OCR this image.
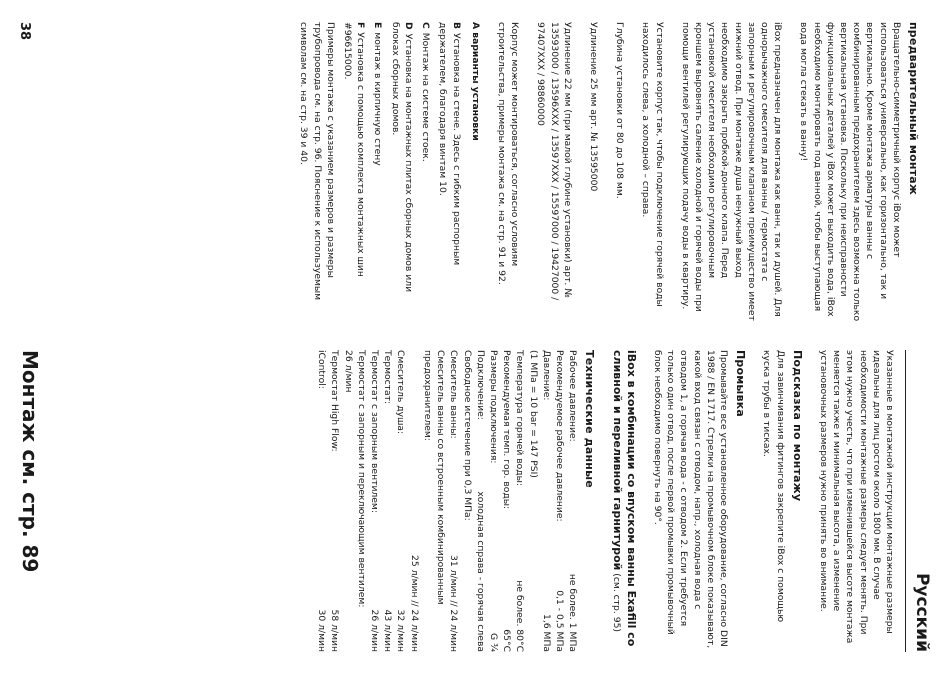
Русский
предварительный монтаж

Вращательно-симметричный корпус iBox может использоваться универсально, как горизонтально, так и вертикально. Кроме монтажа арматуры ванны с комбинированным предохранителем здесь возможна только вертикальная установка. Поскольку при неисправности функциональных деталей у iBox может выходить вода, iBox необходимо монтировать под ванной, чтобы выступающая вода могла стекать в ванну!

iBox предназначен для монтажа как ванн, так и душей. Для однорычажного смесителя для ванны / термостата с запорным и регулировочным клапаном преимущество имеет нижний отвод. При монтаже душа ненужный выход необходимо закрыть пробкой-донного клапа. Перед установкой смесителя необходимо регулировочным кроншем выровнять саление холодной и горячей воды при помощи вентилей регулирующих подачу воды в квартиру.

Установите корпус так, чтобы подключение горячей воды находилось слева, а холодной – справа.

Глубина установки от 80 до 108 мм.

Удлинение 25 мм арт. № 13595000

Удлинение 22 мм (при малой глубине установки) арт. № 13593000 / 13596XXX / 13597XXX / 15597000 / 19427000 / 97407XXX / 98860000

Корпус может монтироваться, согласно условиям строительства, примеры монтажа см. на стр. 91 и 92.

А варианты установки
BУстановка на стене. Здесь с гибким распорным держателем, благодаря винтам 10.
CМонтаж на системе стоек.
DУстановка на монтажных плитах сборных домов или блоках сборных домов.
Eмонтаж в кирпичную стену
FУстановка с помощью комплекта монтажных шин #96615000.

Примеры монтажа с указанием размеров и размеры трубопровода см. на стр. 96. Пояснение к используемым символам см. на стр. 39 и 40.

Указанные в монтажной инструкции монтажные размеры идеальны для лиц ростом около 1800 мм. В случае необходимости монтажные размеры следует менять. При этом нужно учесть, что при изменившейся высоте монтажа меняется также и минимальная высота, а изменение установочных размеров нужно принять во внимание.

Подсказка по монтажу

Для завинчивания фитингов закрепите iBox с помощью куска трубы в тисках.

Промывка

Промывайте все установленное оборудование, согласно DIN 1988 / EN 1717. Стрелки на промывочном блоке показывают, какой вход связан с отводом, напр., холодная вода с отводом 1, а горячая вода - с отводом 2. Если требуется только один отвод, после первой промывки промывочный блок необходимо повернуть на 90°.

iBox в комбинации со впуском ванны Exafill со сливной и переливной гарнитурой (см. стр. 95)

Технические данные
Рабочее давление:
не более. 1 МПа
Рекомендуемое рабочее давление:
0,1 - 0,5 МПа
Давление:
1,6 МПа
(1 МПа = 10 bar = 147 PSI)
Температура горячей воды:
не более. 80°С
Рекомендуемая темп. гор. воды:
65°С
Размеры подключения:
G ¾
Подключение:
холодная справа - горячая слева
Свободное истечение при 0,3 МПа:
Смеситель ванны:
31 л/мин // 24 л/мин
Смеситель ванны со встроенным комбинированным предохранителем:
25 л/мин // 24 л/мин
Смеситель душа:
32 л/мин
Термостат:
43 л/мин
Термостат с запорным вентилем:
26 л/мин
Термостат с запорным и переключающим вентилем:
26 л/мин
Термостат High Flow:
58 л/мин
iControl:
30 л/мин
38
Монтаж см. стр. 89
